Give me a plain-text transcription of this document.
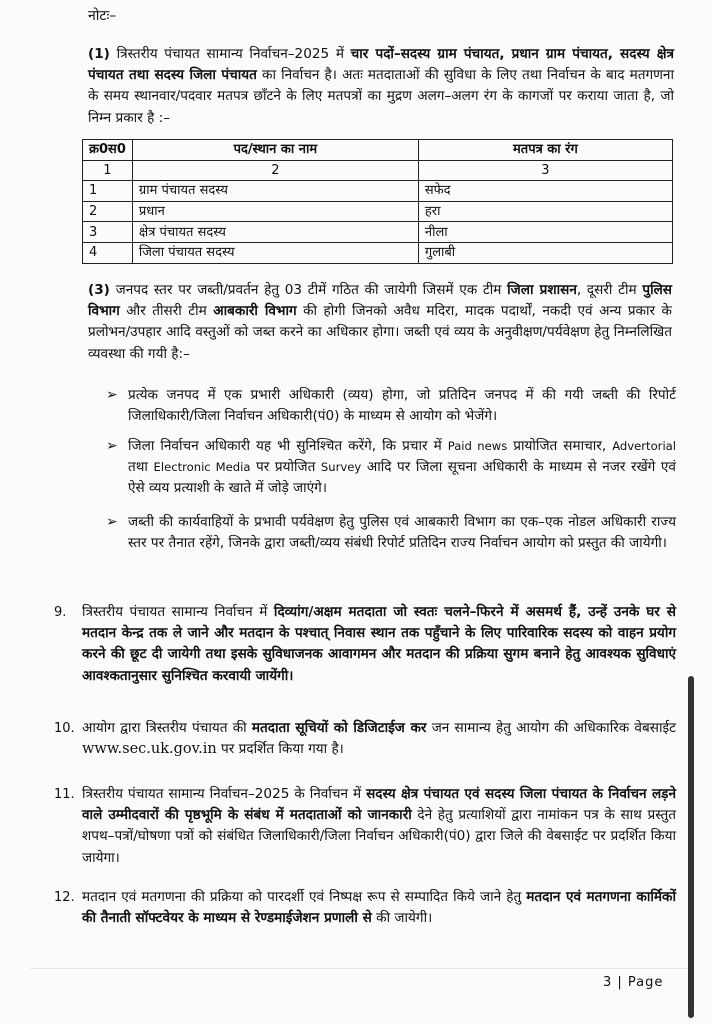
नोटः–
(1) त्रिस्तरीय पंचायत सामान्य निर्वाचन–2025 में चार पदों–सदस्य ग्राम पंचायत, प्रधान ग्राम पंचायत, सदस्य क्षेत्र पंचायत तथा सदस्य जिला पंचायत का निर्वाचन है। अतः मतदाताओं की सुविधा के लिए तथा निर्वाचन के बाद मतगणना के समय स्थानवार/पदवार मतपत्र छाँटने के लिए मतपत्रों का मुद्रण अलग–अलग रंग के कागजों पर कराया जाता है, जो निम्न प्रकार है :–
क्र0स0	पद/स्थान का नाम	मतपत्र का रंग
1	2	3
1	ग्राम पंचायत सदस्य	सफेद
2	प्रधान	हरा
3	क्षेत्र पंचायत सदस्य	नीला
4	जिला पंचायत सदस्य	गुलाबी
(3) जनपद स्तर पर जब्ती/प्रवर्तन हेतु 03 टीमें गठित की जायेगी जिसमें एक टीम जिला प्रशासन, दूसरी टीम पुलिस विभाग और तीसरी टीम आबकारी विभाग की होगी जिनको अवैध मदिरा, मादक पदार्थों, नकदी एवं अन्य प्रकार के प्रलोभन/उपहार आदि वस्तुओं को जब्त करने का अधिकार होगा। जब्ती एवं व्यय के अनुवीक्षण/पर्यवेक्षण हेतु निम्नलिखित व्यवस्था की गयी है:–
➢ प्रत्येक जनपद में एक प्रभारी अधिकारी (व्यय) होगा, जो प्रतिदिन जनपद में की गयी जब्ती की रिपोर्ट जिलाधिकारी/जिला निर्वाचन अधिकारी(पं0) के माध्यम से आयोग को भेजेंगे।
➢ जिला निर्वाचन अधिकारी यह भी सुनिश्चित करेंगे, कि प्रचार में Paid news प्रायोजित समाचार, Advertorial तथा Electronic Media पर प्रयोजित Survey आदि पर जिला सूचना अधिकारी के माध्यम से नजर रखेंगे एवं ऐसे व्यय प्रत्याशी के खाते में जोड़े जाएंगे।
➢ जब्ती की कार्यवाहियों के प्रभावी पर्यवेक्षण हेतु पुलिस एवं आबकारी विभाग का एक–एक नोडल अधिकारी राज्य स्तर पर तैनात रहेंगे, जिनके द्वारा जब्ती/व्यय संबंधी रिपोर्ट प्रतिदिन राज्य निर्वाचन आयोग को प्रस्तुत की जायेगी।
9. त्रिस्तरीय पंचायत सामान्य निर्वाचन में दिव्यांग/अक्षम मतदाता जो स्वतः चलने–फिरने में असमर्थ हैं, उन्हें उनके घर से मतदान केन्द्र तक ले जाने और मतदान के पश्चात् निवास स्थान तक पहुँचाने के लिए पारिवारिक सदस्य को वाहन प्रयोग करने की छूट दी जायेगी तथा इसके सुविधाजनक आवागमन और मतदान की प्रक्रिया सुगम बनाने हेतु आवश्यक सुविधाएं आवश्कतानुसार सुनिश्चित करवायी जायेंगी।
10. आयोग द्वारा त्रिस्तरीय पंचायत की मतदाता सूचियों को डिजिटाईज कर जन सामान्य हेतु आयोग की अधिकारिक वेबसाईट www.sec.uk.gov.in पर प्रदर्शित किया गया है।
11. त्रिस्तरीय पंचायत सामान्य निर्वाचन–2025 के निर्वाचन में सदस्य क्षेत्र पंचायत एवं सदस्य जिला पंचायत के निर्वाचन लड़ने वाले उम्मीदवारों की पृष्ठभूमि के संबंध में मतदाताओं को जानकारी देने हेतु प्रत्याशियों द्वारा नामांकन पत्र के साथ प्रस्तुत शपथ–पत्रों/घोषणा पत्रों को संबंधित जिलाधिकारी/जिला निर्वाचन अधिकारी(पं0) द्वारा जिले की वेबसाईट पर प्रदर्शित किया जायेगा।
12. मतदान एवं मतगणना की प्रक्रिया को पारदर्शी एवं निष्पक्ष रूप से सम्पादित किये जाने हेतु मतदान एवं मतगणना कार्मिकों की तैनाती सॉफ्टवेयर के माध्यम से रेण्डमाईजेशन प्रणाली से की जायेगी।
3 | Page
